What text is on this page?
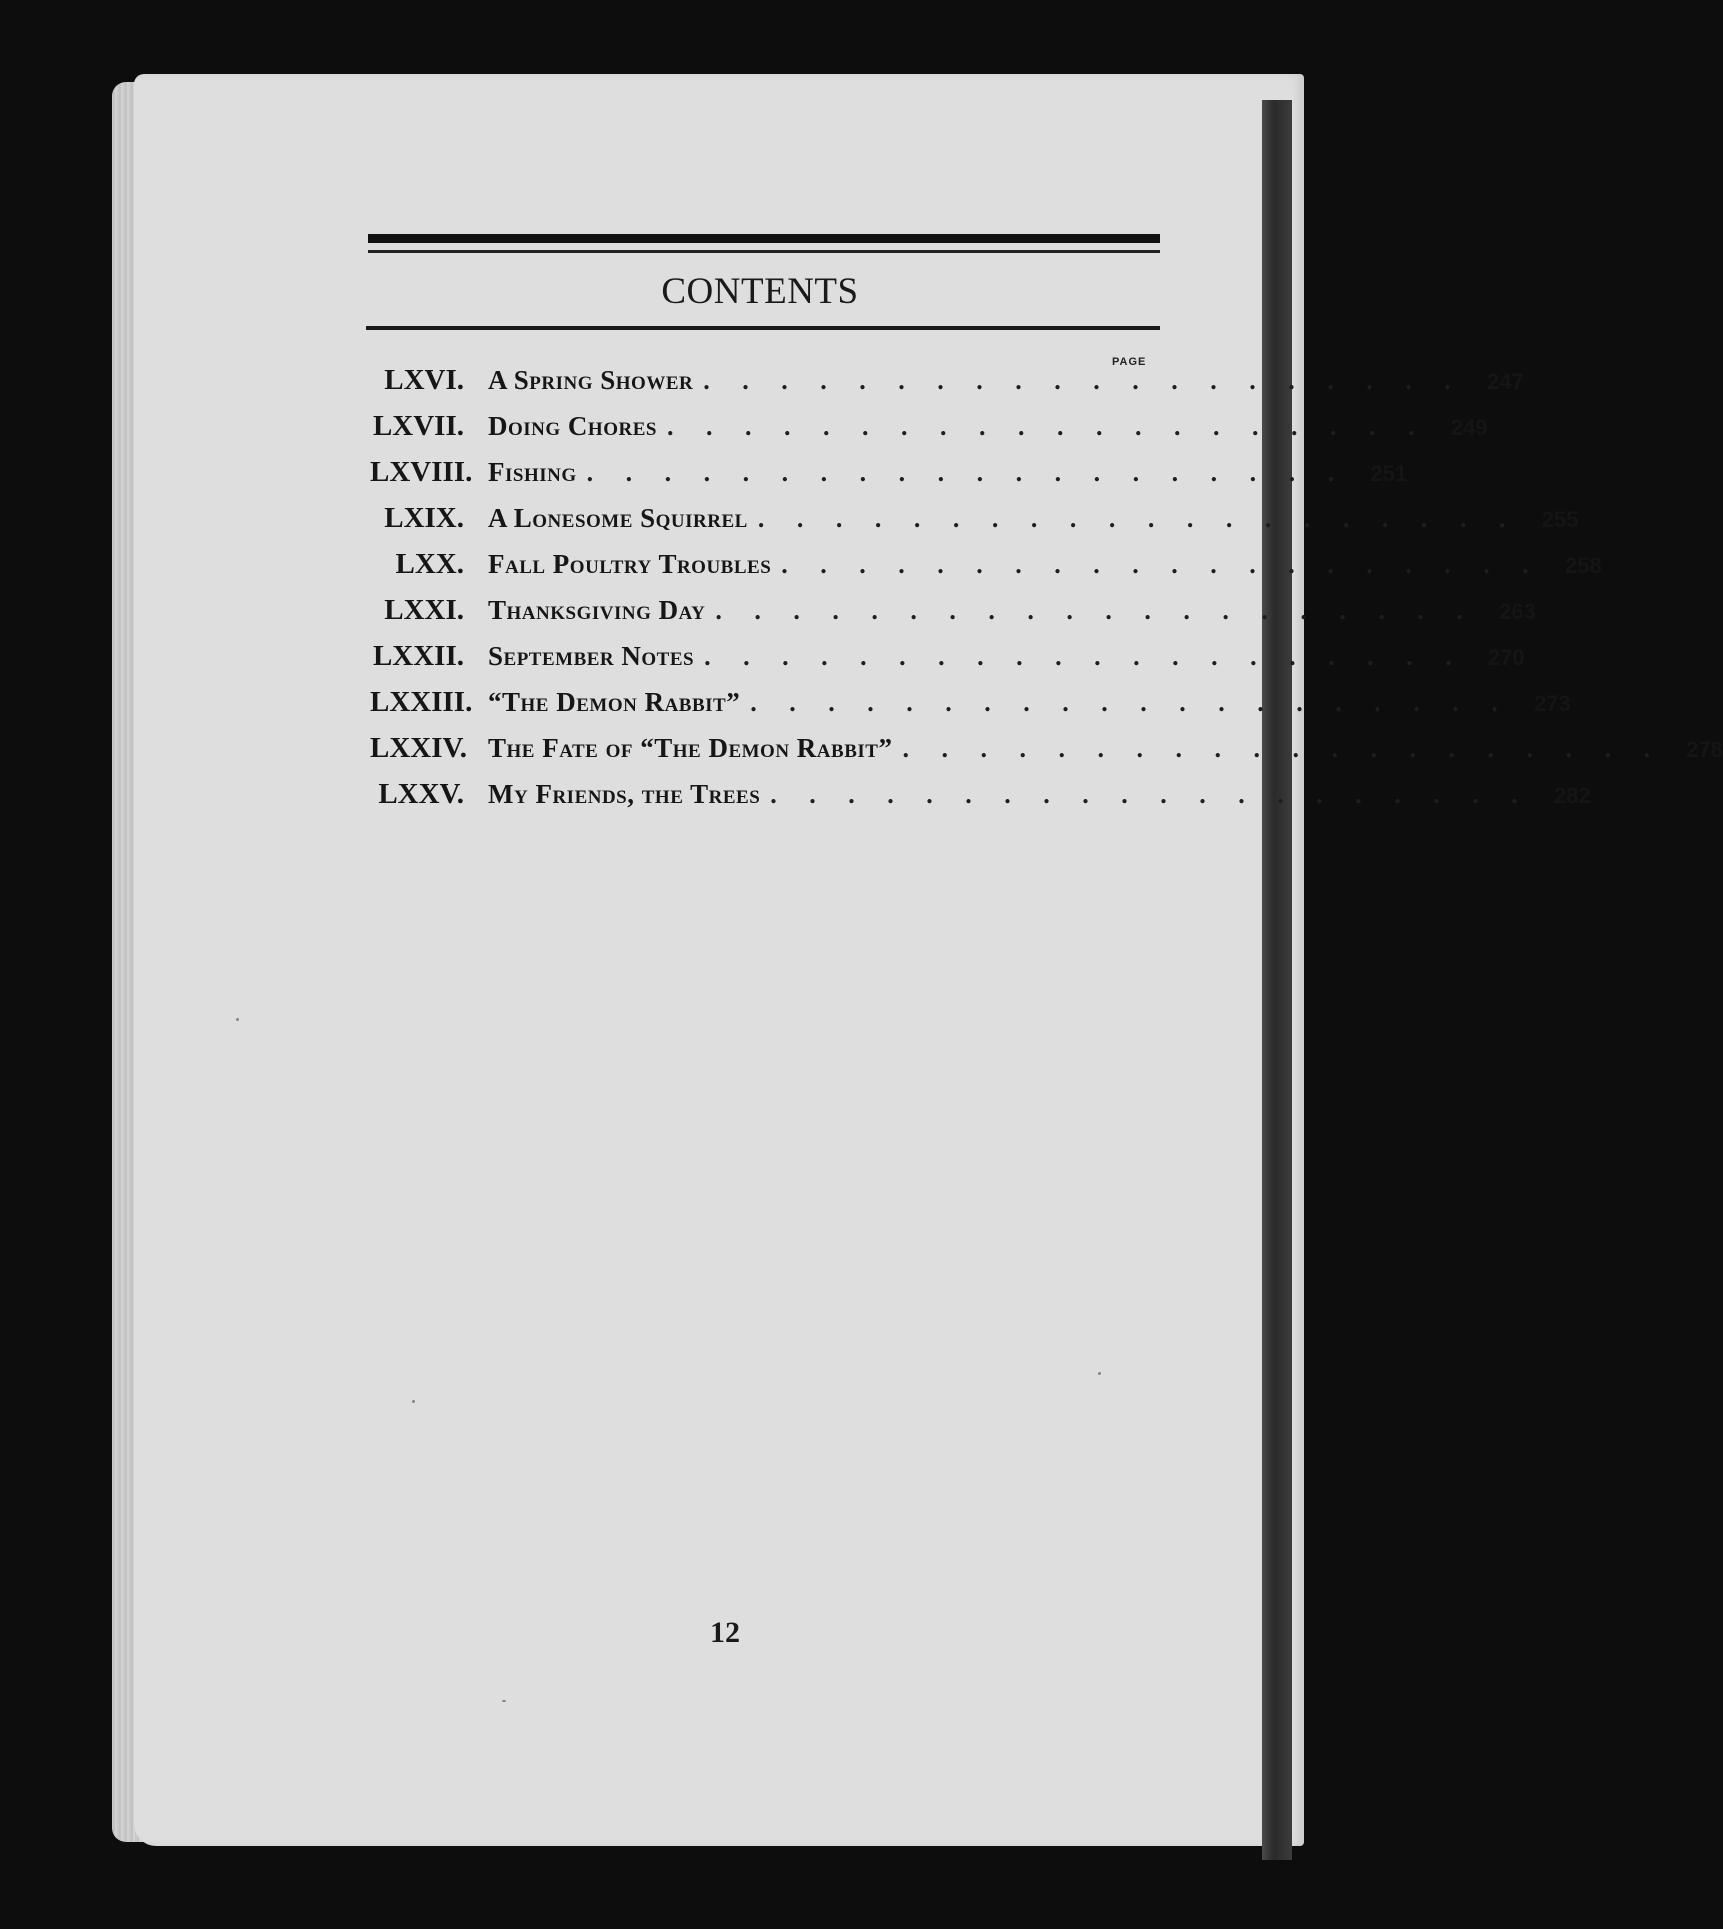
CONTENTS
PAGE
LXVI. A Spring Shower . . . . . . . . . . . . . . . . . . . .	247
LXVII. Doing Chores . . . . . . . . . . . . . . . . . . . .	249
LXVIII. Fishing . . . . . . . . . . . . . . . . . . . .	251
LXIX. A Lonesome Squirrel . . . . . . . . . . . . . . . . . . . .	255
LXX. Fall Poultry Troubles . . . . . . . . . . . . . . . . . . . .	258
LXXI. Thanksgiving Day . . . . . . . . . . . . . . . . . . . .	263
LXXII. September Notes . . . . . . . . . . . . . . . . . . . .	270
LXXIII. “The Demon Rabbit” . . . . . . . . . . . . . . . . . . . .	273
LXXIV. The Fate of “The Demon Rabbit” . . . . . . . . . . . . . . . . . . . .	278
LXXV. My Friends, the Trees . . . . . . . . . . . . . . . . . . . .	282
12
